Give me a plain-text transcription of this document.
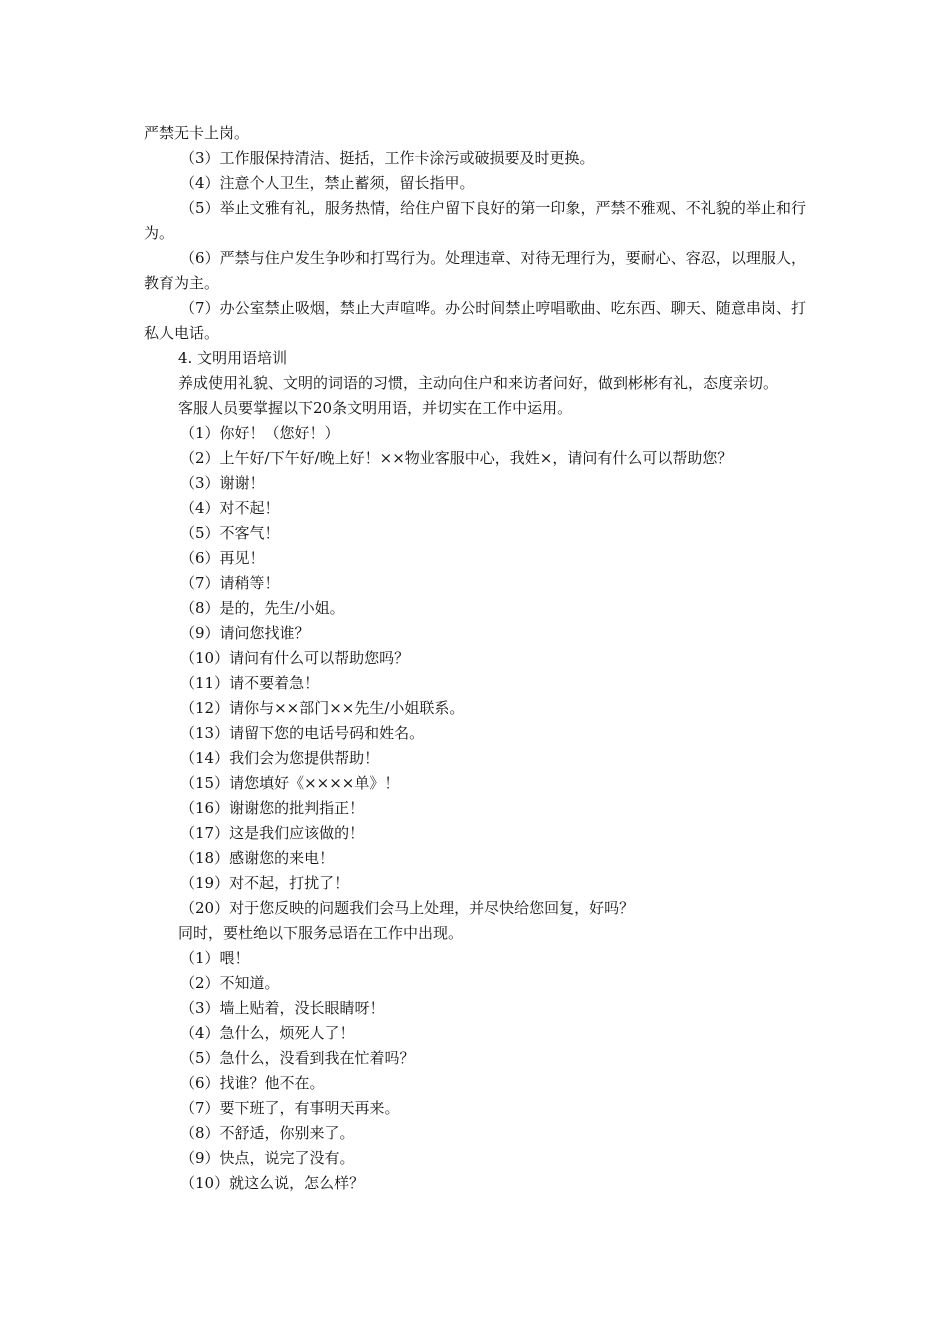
严禁无卡上岗。

（3）工作服保持清洁、挺括，工作卡涂污或破损要及时更换。

（4）注意个人卫生，禁止蓄须，留长指甲。

（5）举止文雅有礼，服务热情，给住户留下良好的第一印象，严禁不雅观、不礼貌的举止和行为。

（6）严禁与住户发生争吵和打骂行为。处理违章、对待无理行为，要耐心、容忍，以理服人，教育为主。

（7）办公室禁止吸烟，禁止大声喧哗。办公时间禁止哼唱歌曲、吃东西、聊天、随意串岗、打私人电话。

4. 文明用语培训

养成使用礼貌、文明的词语的习惯，主动向住户和来访者问好，做到彬彬有礼，态度亲切。

客服人员要掌握以下20条文明用语，并切实在工作中运用。

（1）你好！（您好！）

（2）上午好/下午好/晚上好！××物业客服中心，我姓×，请问有什么可以帮助您？

（3）谢谢！

（4）对不起！

（5）不客气！

（6）再见！

（7）请稍等！

（8）是的，先生/小姐。

（9）请问您找谁？

（10）请问有什么可以帮助您吗？

（11）请不要着急！

（12）请你与××部门××先生/小姐联系。

（13）请留下您的电话号码和姓名。

（14）我们会为您提供帮助！

（15）请您填好《××××单》！

（16）谢谢您的批判指正！

（17）这是我们应该做的！

（18）感谢您的来电！

（19）对不起，打扰了！

（20）对于您反映的问题我们会马上处理，并尽快给您回复，好吗？

同时，要杜绝以下服务忌语在工作中出现。

（1）喂！

（2）不知道。

（3）墙上贴着，没长眼睛呀！

（4）急什么，烦死人了！

（5）急什么，没看到我在忙着吗？

（6）找谁？他不在。

（7）要下班了，有事明天再来。

（8）不舒适，你别来了。

（9）快点，说完了没有。

（10）就这么说，怎么样？
